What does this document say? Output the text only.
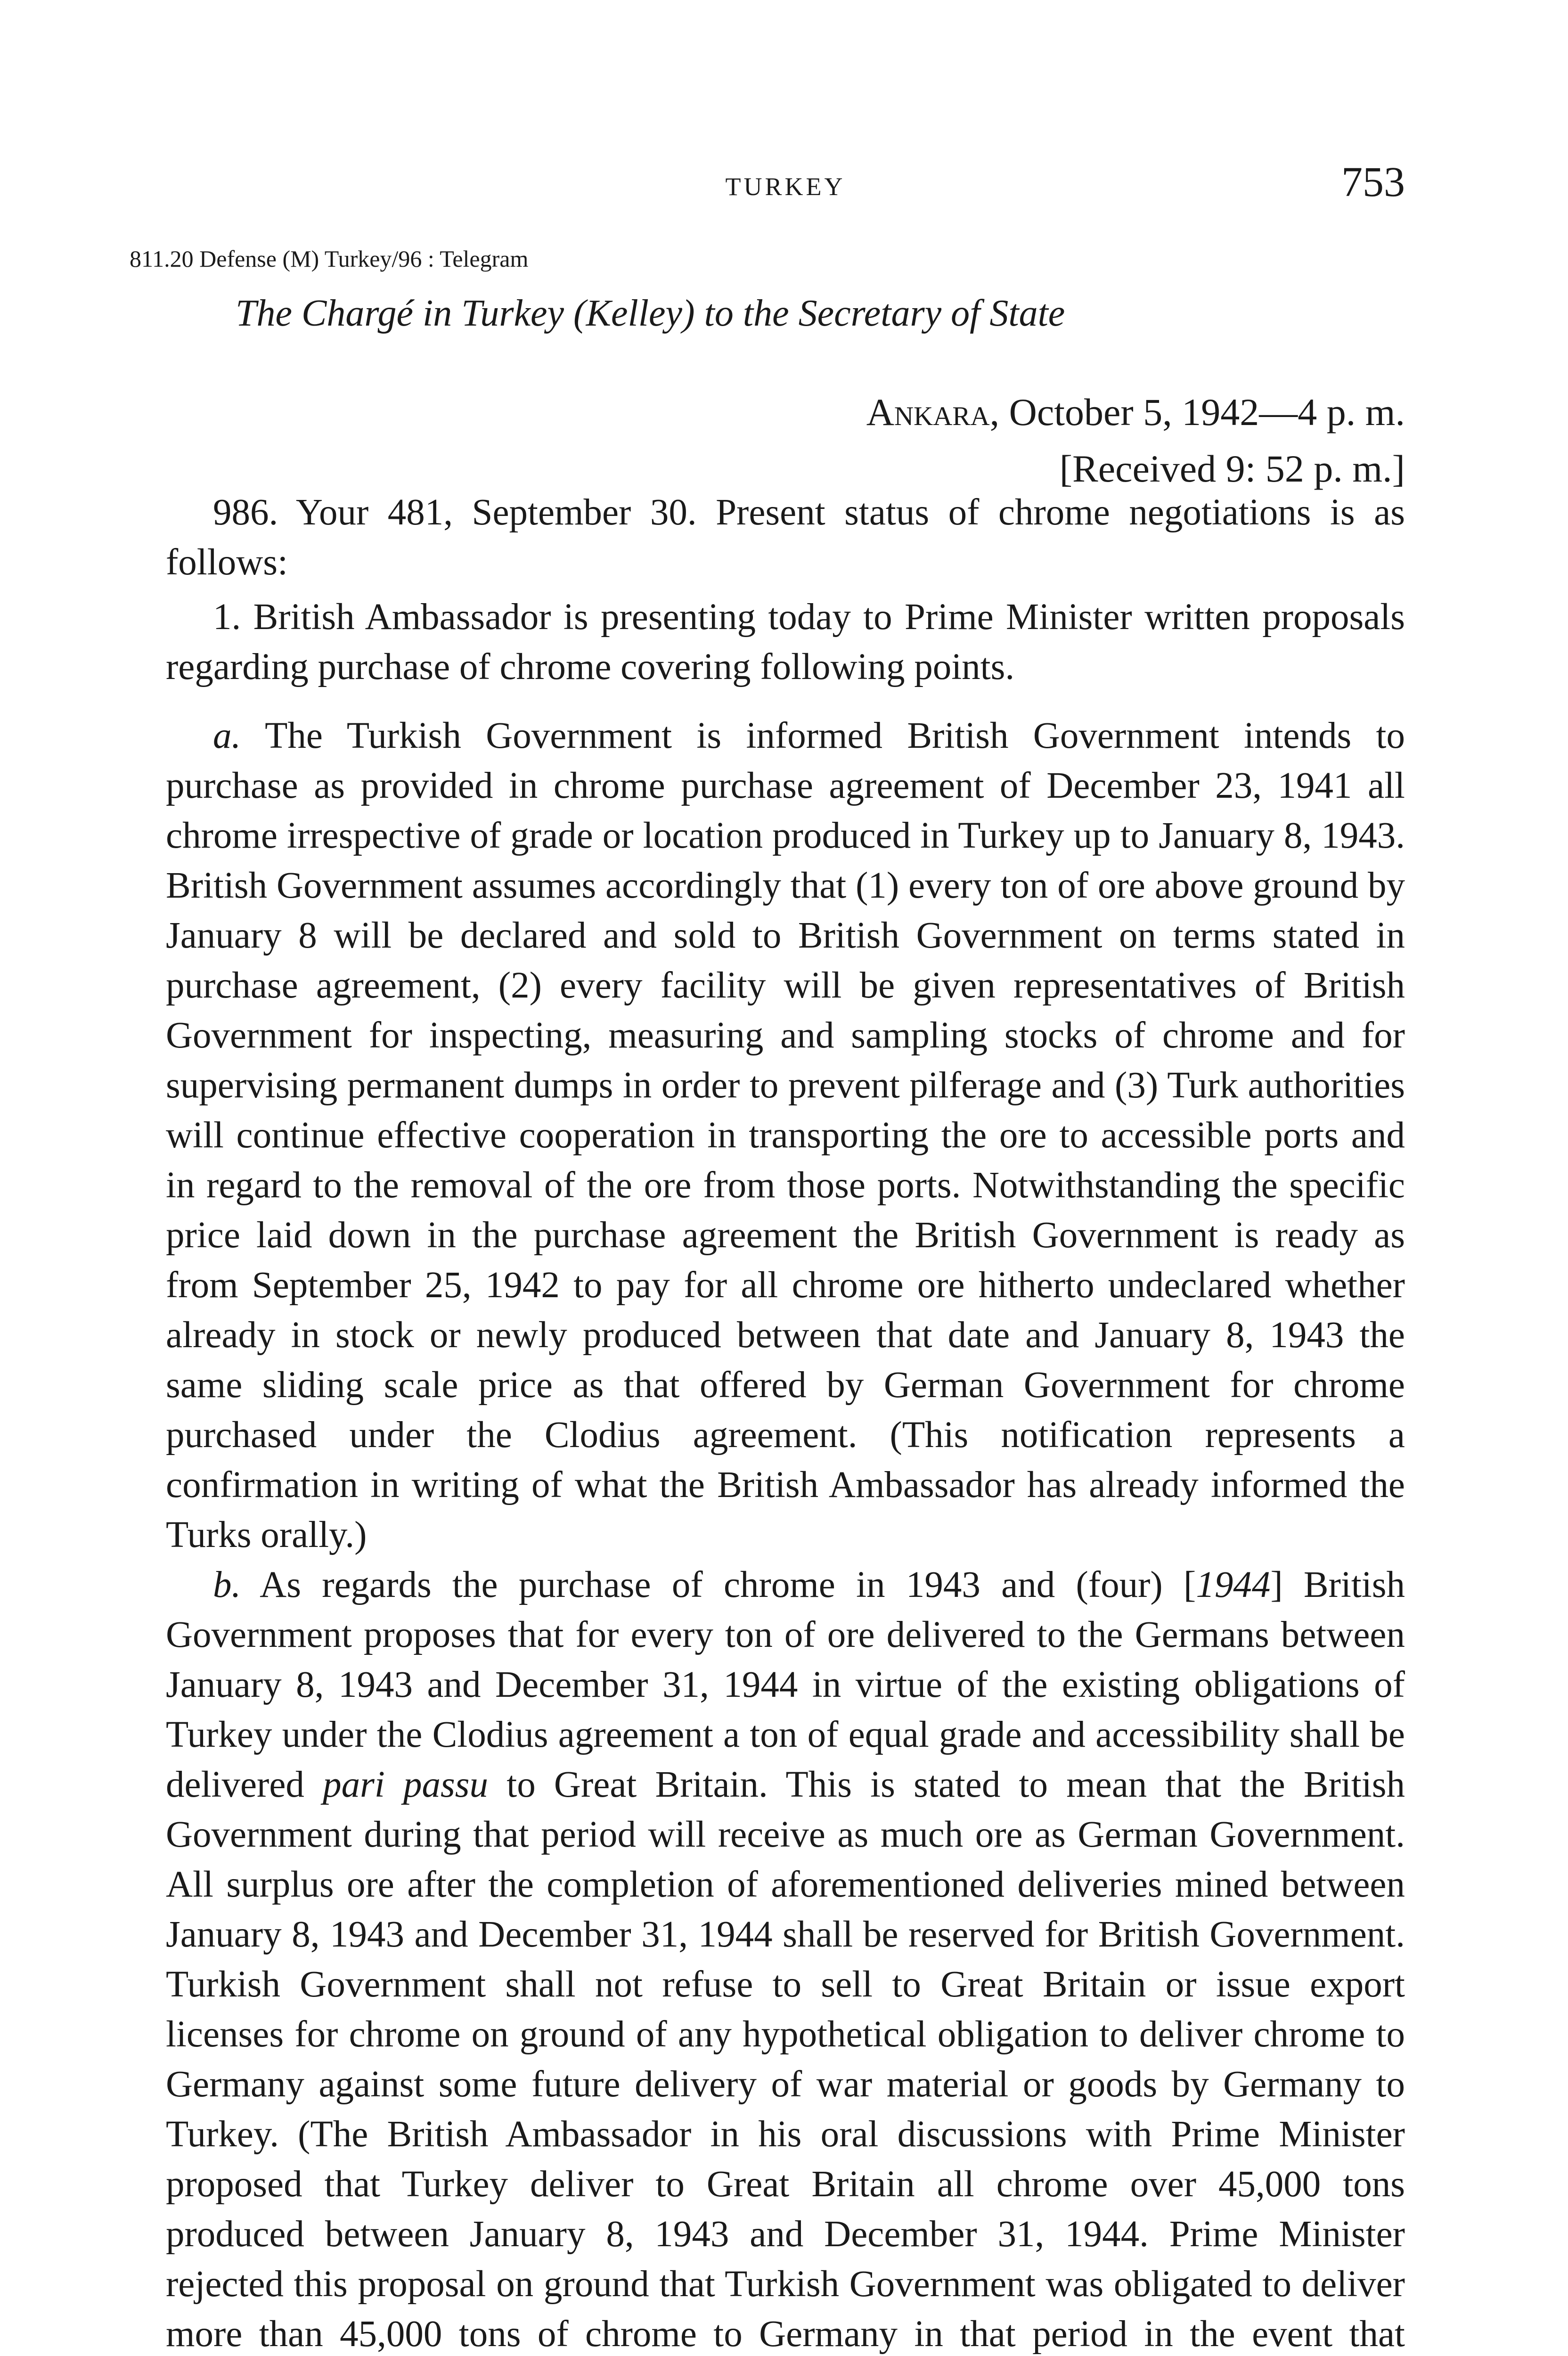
TURKEY	753
811.20 Defense (M) Turkey/96 : Telegram
The Chargé in Turkey (Kelley) to the Secretary of State
Ankara, October 5, 1942—4 p. m.
[Received 9: 52 p. m.]

986. Your 481, September 30. Present status of chrome negotiations is as follows:

1. British Ambassador is presenting today to Prime Minister written proposals regarding purchase of chrome covering following points.

a. The Turkish Government is informed British Government intends to purchase as provided in chrome purchase agreement of December 23, 1941 all chrome irrespective of grade or location produced in Turkey up to January 8, 1943. British Government assumes accordingly that (1) every ton of ore above ground by January 8 will be declared and sold to British Government on terms stated in purchase agreement, (2) every facility will be given representatives of British Government for inspecting, measuring and sampling stocks of chrome and for supervising permanent dumps in order to prevent pilferage and (3) Turk authorities will continue effective cooperation in transporting the ore to accessible ports and in regard to the removal of the ore from those ports. Notwithstanding the specific price laid down in the purchase agreement the British Government is ready as from September 25, 1942 to pay for all chrome ore hitherto undeclared whether already in stock or newly produced between that date and January 8, 1943 the same sliding scale price as that offered by German Government for chrome purchased under the Clodius agreement. (This notification represents a confirmation in writing of what the British Ambassador has already informed the Turks orally.)

b. As regards the purchase of chrome in 1943 and (four) [1944] British Government proposes that for every ton of ore delivered to the Germans between January 8, 1943 and December 31, 1944 in virtue of the existing obligations of Turkey under the Clodius agreement a ton of equal grade and accessibility shall be delivered pari passu to Great Britain. This is stated to mean that the British Government during that period will receive as much ore as German Government. All surplus ore after the completion of aforementioned deliveries mined between January 8, 1943 and December 31, 1944 shall be reserved for British Government. Turkish Government shall not refuse to sell to Great Britain or issue export licenses for chrome on ground of any hypothetical obligation to deliver chrome to Germany against some future delivery of war material or goods by Germany to Turkey. (The British Ambassador in his oral discussions with Prime Minister proposed that Turkey deliver to Great Britain all chrome over 45,000 tons produced between January 8, 1943 and December 31, 1944. Prime Minister rejected this proposal on ground that Turkish Government was obligated to deliver more than 45,000 tons of chrome to Germany in that period in the event that
